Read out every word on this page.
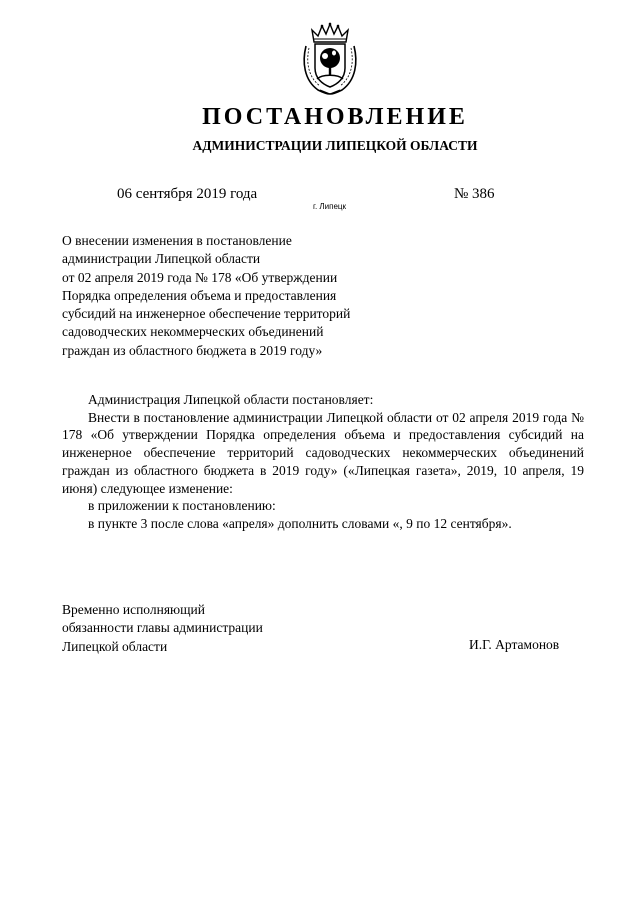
ПОСТАНОВЛЕНИЕ
АДМИНИСТРАЦИИ ЛИПЕЦКОЙ ОБЛАСТИ
06 сентября 2019 года
г. Липецк
№ 386
О внесении изменения в постановление
администрации Липецкой области
от 02 апреля 2019 года № 178 «Об утверждении
Порядка определения объема и предоставления
субсидий на инженерное обеспечение территорий
садоводческих некоммерческих объединений
граждан из областного бюджета в 2019 году»
Администрация Липецкой области постановляет:
Внести в постановление администрации Липецкой области от 02 апреля 2019 года № 178 «Об утверждении Порядка определения объема и предоставления субсидий на инженерное обеспечение территорий садоводческих некоммерческих объединений граждан из областного бюджета в 2019 году» («Липецкая газета», 2019, 10 апреля, 19 июня) следующее изменение:
в приложении к постановлению:
в пункте 3 после слова «апреля» дополнить словами «, 9 по 12 сентября».
Временно исполняющий
обязанности главы администрации
Липецкой области	И.Г. Артамонов
